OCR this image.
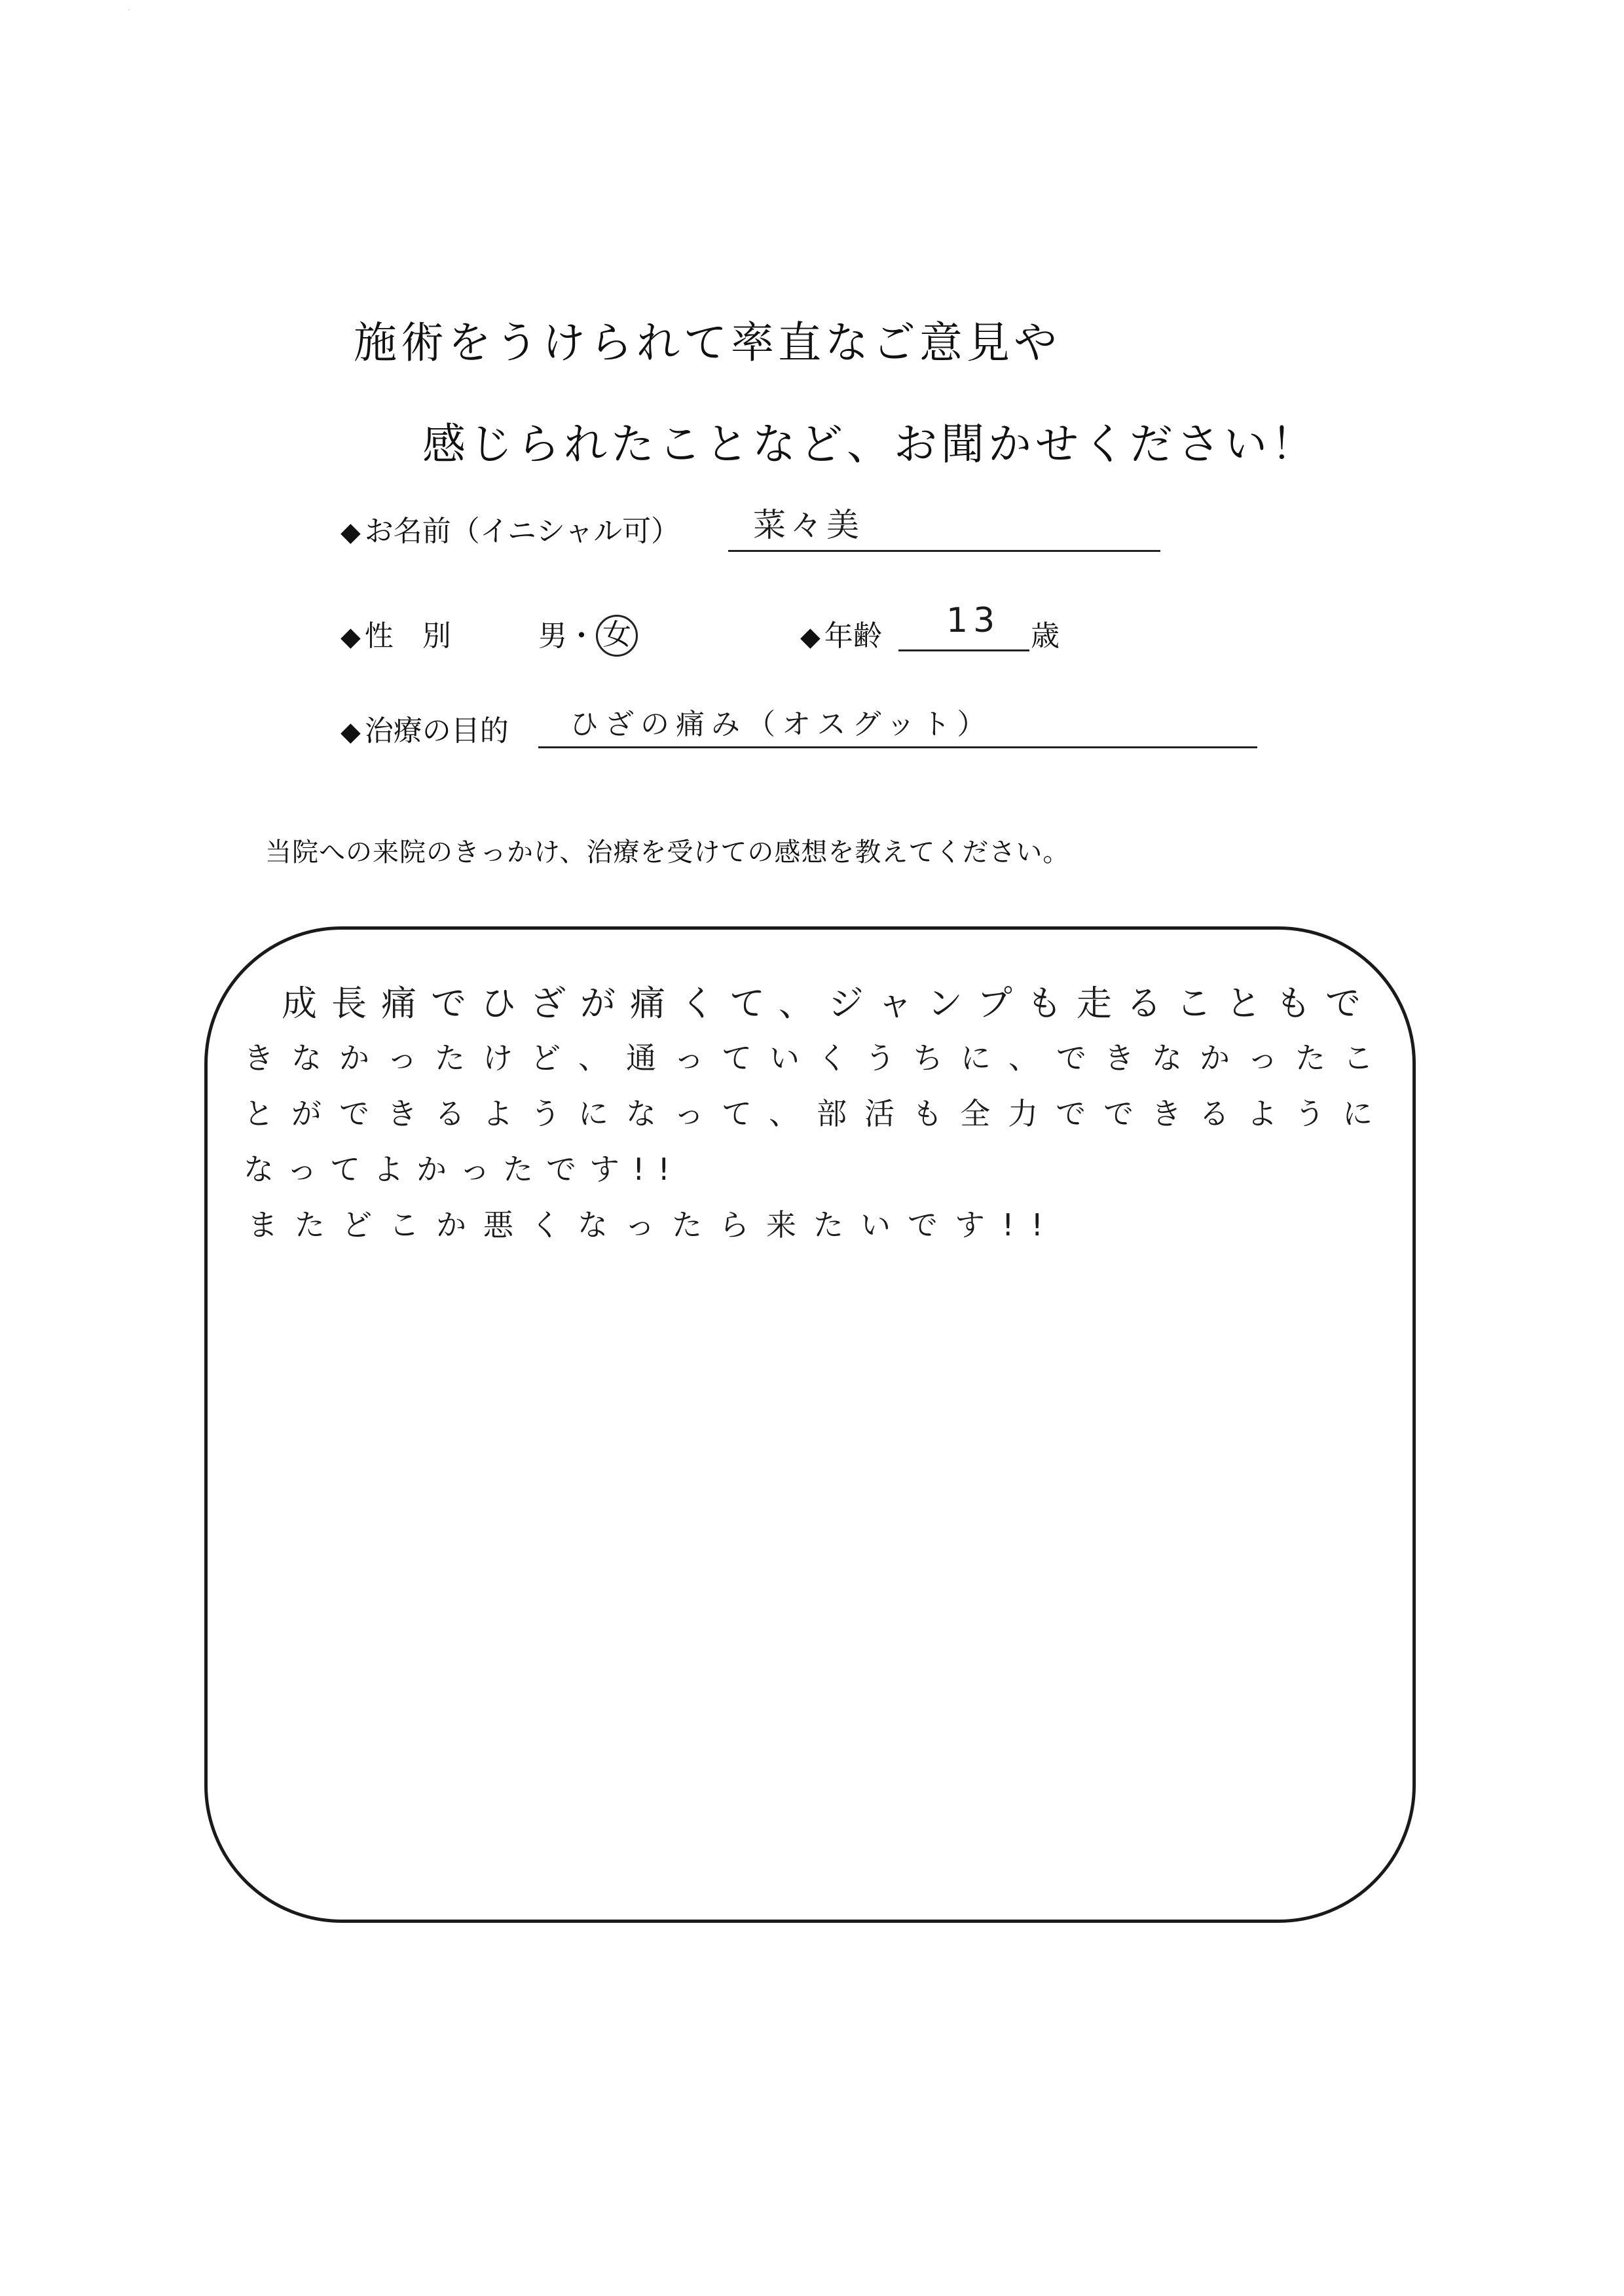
·
施術をうけられて率直なご意見や
感じられたことなど、お聞かせください！
◆ お名前（イニシャル可） 菜々美
◆ 性　別	男・ 女	◆ 年齢 13 歳
◆ 治療の目的 ひざの痛み（オスグット）
当院への来院のきっかけ、治療を受けての感想を教えてください。
成長痛でひざが痛くて、ジャンプも走ることもで
きなかったけど、通っていくうちに、できなかったこ
とができるようになって、部活も全力でできるように
なってよかったです!!
またどこか悪くなったら来たいです!!
